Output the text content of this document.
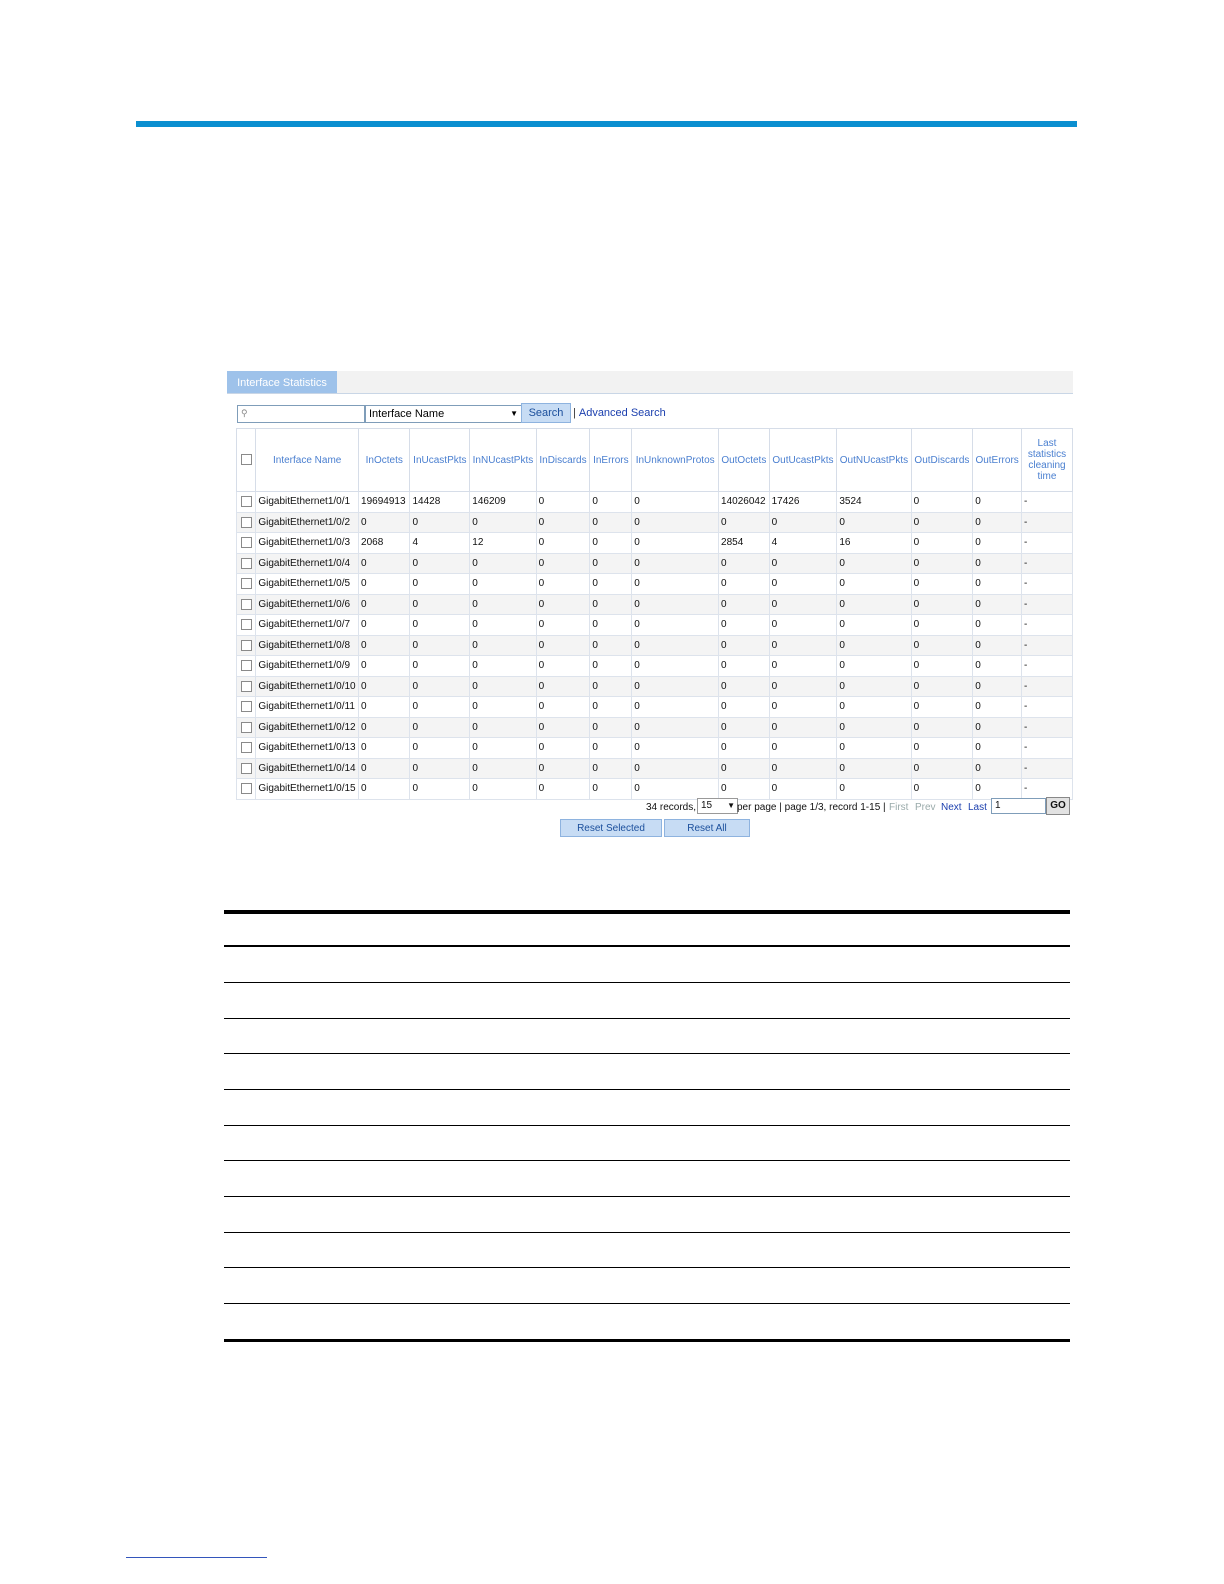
Interface Statistics
⚲	Interface Name	▼ Search | Advanced Search
	Interface Name	InOctets	InUcastPkts	InNUcastPkts	InDiscards	InErrors	InUnknownProtos	OutOctets	OutUcastPkts	OutNUcastPkts	OutDiscards	OutErrors	Last statistics cleaning time
	GigabitEthernet1/0/1	19694913	14428	146209	0	0	0	14026042	17426	3524	0	0	-
	GigabitEthernet1/0/2	0	0	0	0	0	0	0	0	0	0	0	-
	GigabitEthernet1/0/3	2068	4	12	0	0	0	2854	4	16	0	0	-
	GigabitEthernet1/0/4	0	0	0	0	0	0	0	0	0	0	0	-
	GigabitEthernet1/0/5	0	0	0	0	0	0	0	0	0	0	0	-
	GigabitEthernet1/0/6	0	0	0	0	0	0	0	0	0	0	0	-
	GigabitEthernet1/0/7	0	0	0	0	0	0	0	0	0	0	0	-
	GigabitEthernet1/0/8	0	0	0	0	0	0	0	0	0	0	0	-
	GigabitEthernet1/0/9	0	0	0	0	0	0	0	0	0	0	0	-
	GigabitEthernet1/0/10	0	0	0	0	0	0	0	0	0	0	0	-
	GigabitEthernet1/0/11	0	0	0	0	0	0	0	0	0	0	0	-
	GigabitEthernet1/0/12	0	0	0	0	0	0	0	0	0	0	0	-
	GigabitEthernet1/0/13	0	0	0	0	0	0	0	0	0	0	0	-
	GigabitEthernet1/0/14	0	0	0	0	0	0	0	0	0	0	0	-
	GigabitEthernet1/0/15	0	0	0	0	0	0	0	0	0	0	0	-
34 records, 15 ▼ per page | page 1/3, record 1-15 | First Prev Next Last 1	GO
Reset Selected	Reset All
